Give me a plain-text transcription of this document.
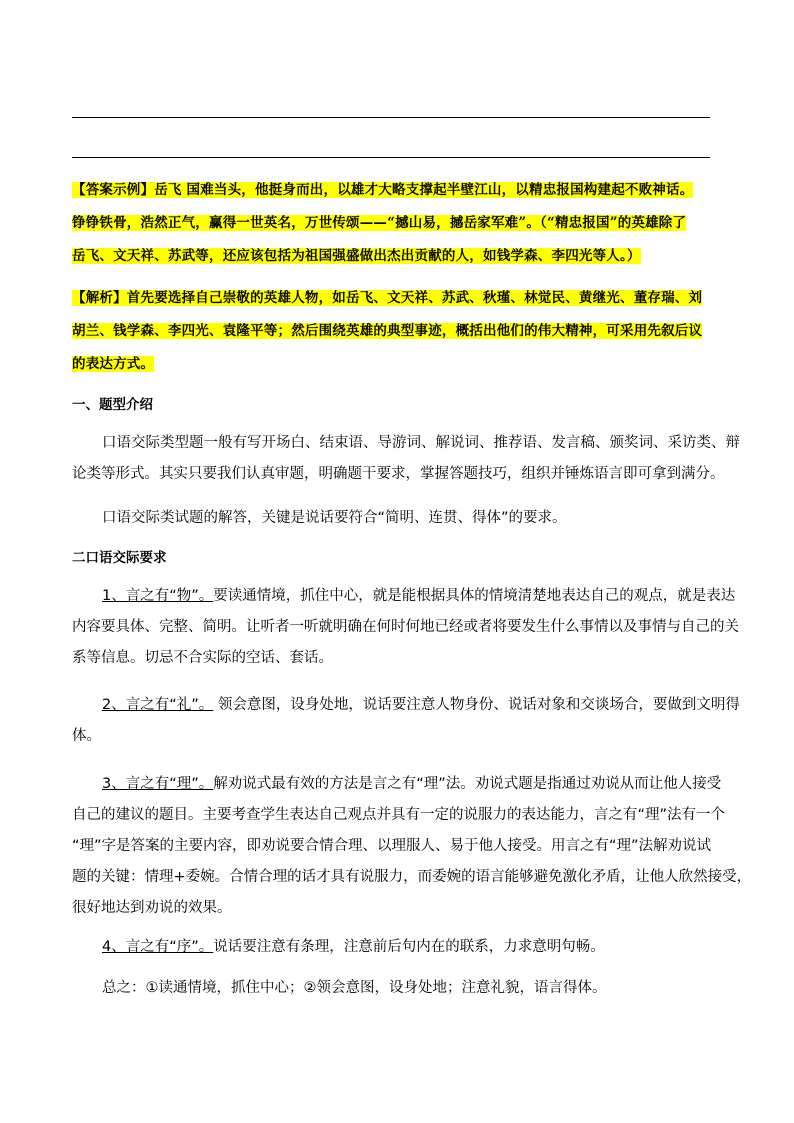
【答案示例】岳飞 国难当头，他挺身而出，以雄才大略支撑起半壁江山，以精忠报国构建起不败神话。
铮铮铁骨，浩然正气，赢得一世英名，万世传颂——“撼山易，撼岳家军难”。（“精忠报国”的英雄除了
岳飞、文天祥、苏武等，还应该包括为祖国强盛做出杰出贡献的人，如钱学森、李四光等人。）
【解析】首先要选择自己崇敬的英雄人物，如岳飞、文天祥、苏武、秋瑾、林觉民、黄继光、董存瑞、刘
胡兰、钱学森、李四光、袁隆平等；然后围绕英雄的典型事迹，概括出他们的伟大精神，可采用先叙后议
的表达方式。
一、题型介绍
口语交际类型题一般有写开场白、结束语、导游词、解说词、推荐语、发言稿、颁奖词、采访类、辩
论类等形式。其实只要我们认真审题，明确题干要求，掌握答题技巧，组织并锤炼语言即可拿到满分。
口语交际类试题的解答，关键是说话要符合“简明、连贯、得体”的要求。
二口语交际要求
1、言之有“物”。要读通情境，抓住中心，就是能根据具体的情境清楚地表达自己的观点，就是表达
内容要具体、完整、简明。让听者一听就明确在何时何地已经或者将要发生什么事情以及事情与自己的关
系等信息。切忌不合实际的空话、套话。
2、言之有“礼”。 领会意图，设身处地，说话要注意人物身份、说话对象和交谈场合，要做到文明得
体。
3、言之有“理”。解劝说式最有效的方法是言之有“理”法。劝说式题是指通过劝说从而让他人接受
自己的建议的题目。主要考查学生表达自己观点并具有一定的说服力的表达能力，言之有“理”法有一个
“理”字是答案的主要内容，即劝说要合情合理、以理服人、易于他人接受。用言之有“理”法解劝说试
题的关键：情理+委婉。合情合理的话才具有说服力，而委婉的语言能够避免激化矛盾，让他人欣然接受，
很好地达到劝说的效果。
4、言之有“序”。说话要注意有条理，注意前后句内在的联系，力求意明句畅。
总之：①读通情境，抓住中心；②领会意图，设身处地；注意礼貌，语言得体。
